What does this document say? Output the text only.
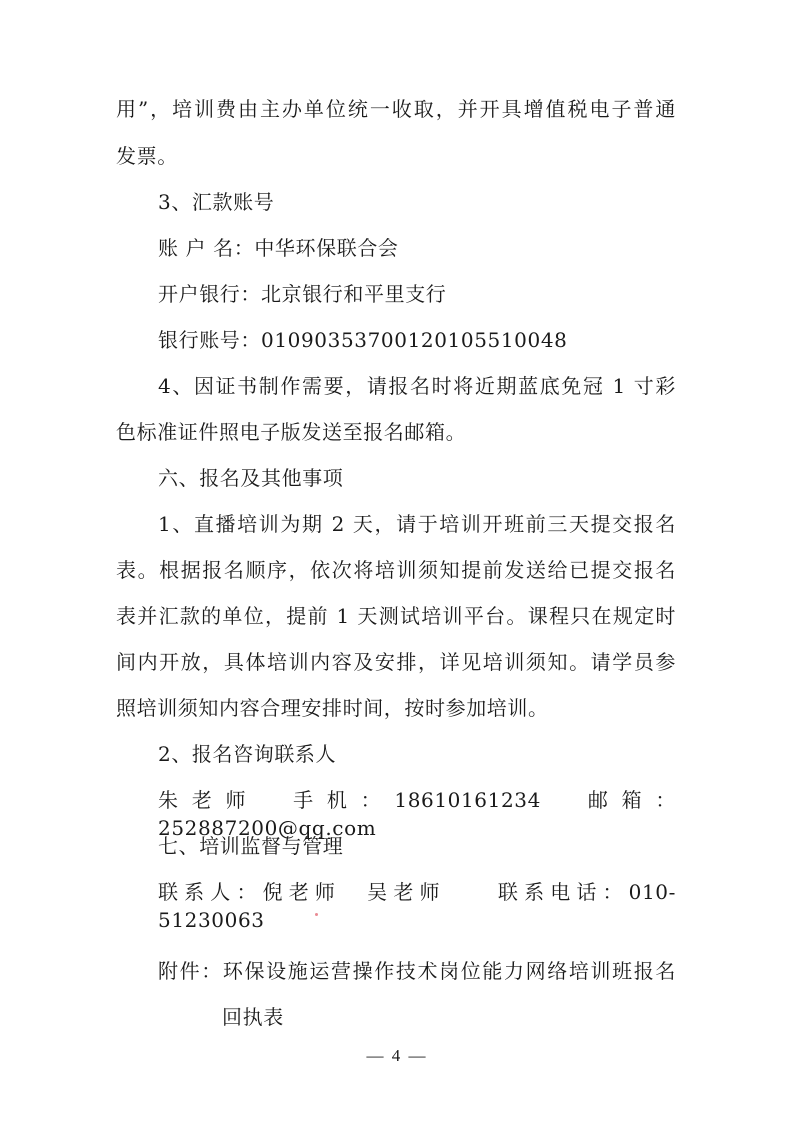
用”，培训费由主办单位统一收取，并开具增值税电子普通
发票。
3、汇款账号
账 户 名：中华环保联合会
开户银行：北京银行和平里支行
银行账号：01090353700120105510048
4、因证书制作需要，请报名时将近期蓝底免冠 1 寸彩
色标准证件照电子版发送至报名邮箱。
六、报名及其他事项
1、直播培训为期 2 天，请于培训开班前三天提交报名
表。根据报名顺序，依次将培训须知提前发送给已提交报名
表并汇款的单位，提前 1 天测试培训平台。课程只在规定时
间内开放，具体培训内容及安排，详见培训须知。请学员参
照培训须知内容合理安排时间，按时参加培训。
2、报名咨询联系人
朱老师　手机：18610161234　邮箱：252887200@qq.com
七、培训监督与管理
联系人：倪老师　吴老师　　联系电话：010-51230063
附件：环保设施运营操作技术岗位能力网络培训班报名
回执表
— 4 —
